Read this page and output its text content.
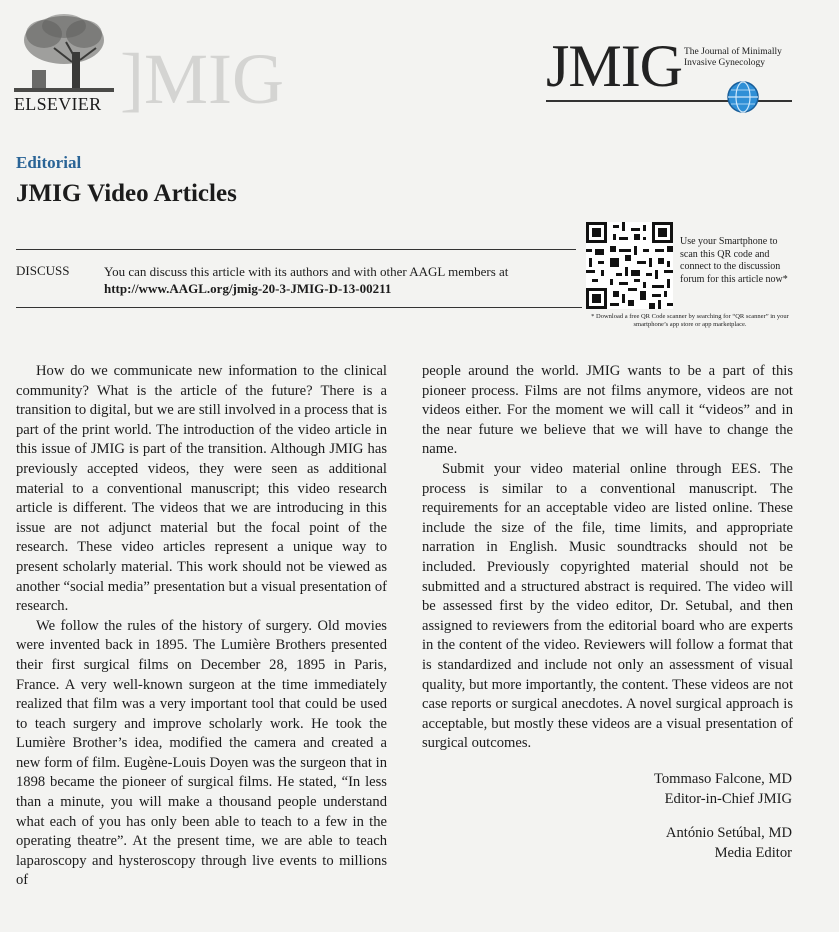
]MIG
ELSEVIER
JMIG The Journal of Minimally Invasive Gynecology
Editorial
JMIG Video Articles
DISCUSS	You can discuss this article with its authors and with other AAGL members at
http://www.AAGL.org/jmig-20-3-JMIG-D-13-00211
Use your Smartphone to scan this QR code and connect to the discussion forum for this article now*
* Download a free QR Code scanner by searching for “QR scanner” in your smartphone’s app store or app marketplace.

How do we communicate new information to the clinical community? What is the article of the future? There is a transition to digital, but we are still involved in a process that is part of the print world. The introduction of the video article in this issue of JMIG is part of the transition. Although JMIG has previously accepted videos, they were seen as additional material to a conventional manuscript; this video research article is different. The videos that we are introducing in this issue are not adjunct material but the focal point of the research. These video articles represent a unique way to present scholarly material. This work should not be viewed as another “social media” presentation but a visual presentation of research.

We follow the rules of the history of surgery. Old movies were invented back in 1895. The Lumière Brothers presented their first surgical films on December 28, 1895 in Paris, France. A very well-known surgeon at the time immediately realized that film was a very important tool that could be used to teach surgery and improve scholarly work. He took the Lumière Brother’s idea, modified the camera and created a new form of film. Eugène-Louis Doyen was the surgeon that in 1898 became the pioneer of surgical films. He stated, “In less than a minute, you will make a thousand people understand what each of you has only been able to teach to a few in the operating theatre”. At the present time, we are able to teach laparoscopy and hysteroscopy through live events to millions of

people around the world. JMIG wants to be a part of this pioneer process. Films are not films anymore, videos are not videos either. For the moment we will call it “videos” and in the near future we believe that we will have to change the name.

Submit your video material online through EES. The process is similar to a conventional manuscript. The requirements for an acceptable video are listed online. These include the size of the file, time limits, and appropriate narration in English. Music soundtracks should not be included. Previously copyrighted material should not be submitted and a structured abstract is required. The video will be assessed first by the video editor, Dr. Setubal, and then assigned to reviewers from the editorial board who are experts in the content of the video. Reviewers will follow a format that is standardized and include not only an assessment of visual quality, but more importantly, the content. These videos are not case reports or surgical anecdotes. A novel surgical approach is acceptable, but mostly these videos are a visual presentation of surgical outcomes.

Tommaso Falcone, MD
Editor-in-Chief JMIG
António Setúbal, MD
Media Editor
